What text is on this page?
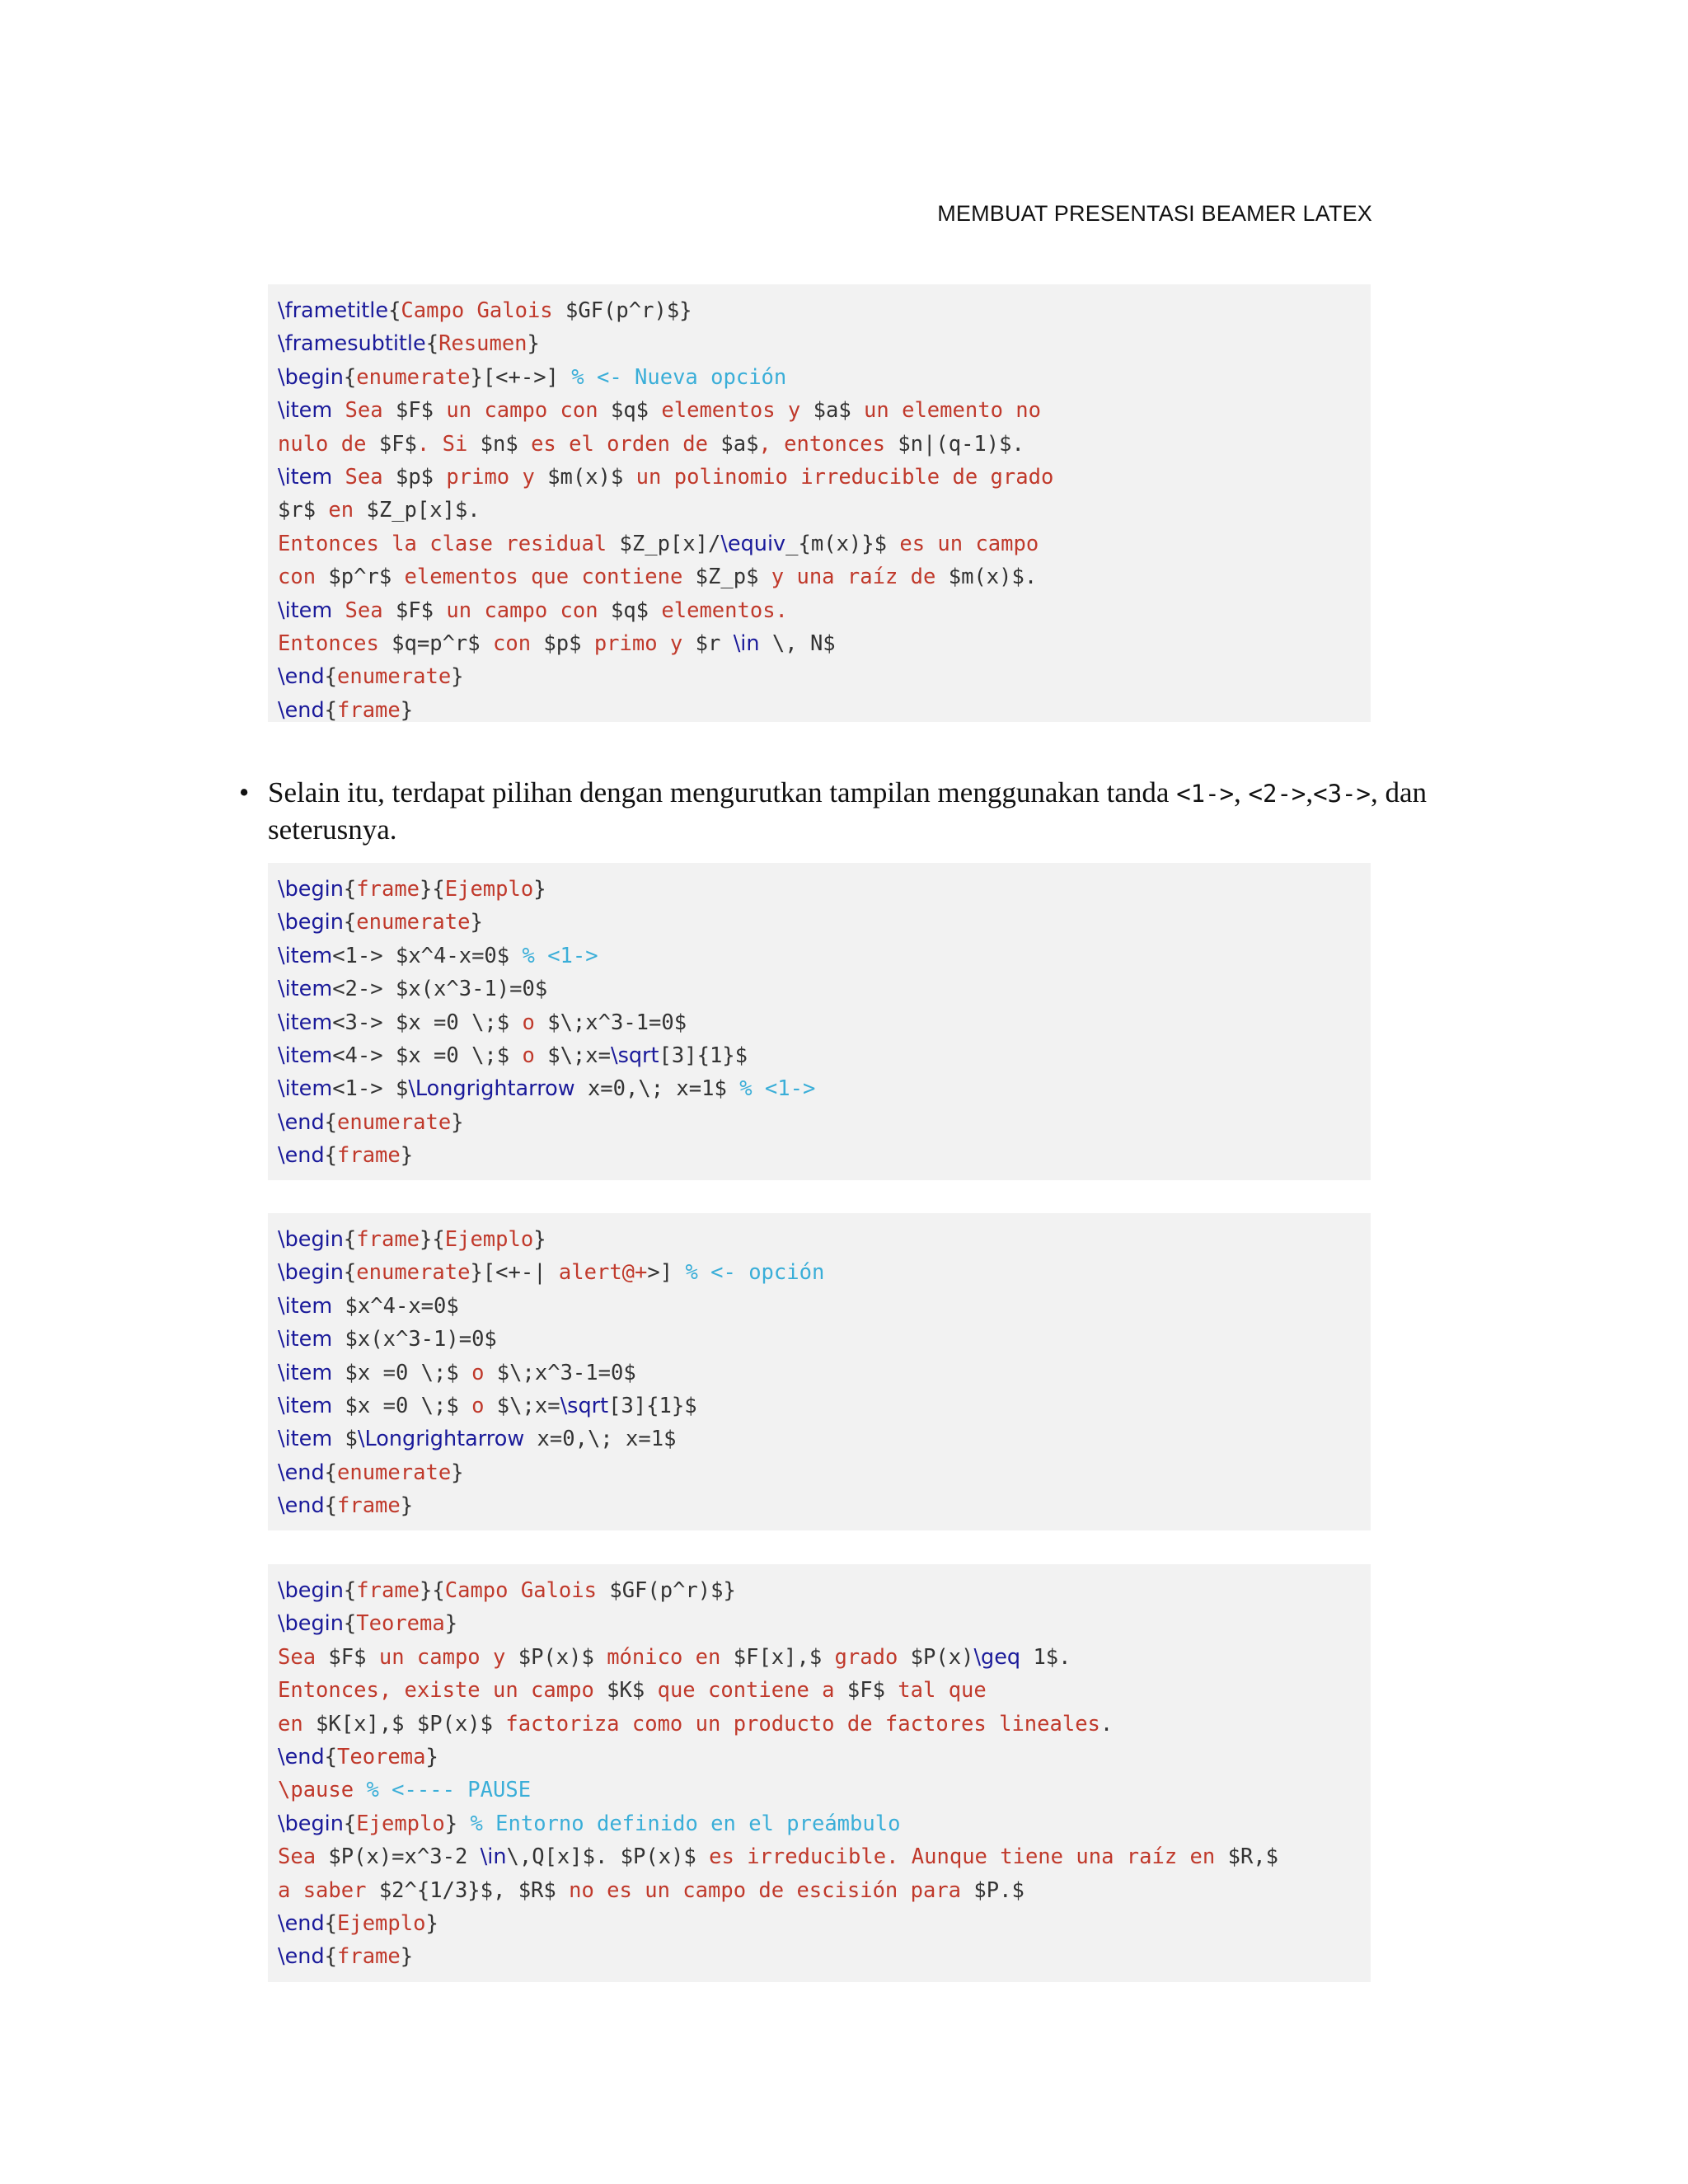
MEMBUAT PRESENTASI BEAMER LATEX
\frametitle{Campo Galois $GF(p^r)$}
\framesubtitle{Resumen}
\begin{enumerate}[<+->] % <- Nueva opción
\item Sea $F$ un campo con $q$ elementos y $a$ un elemento no
nulo de $F$. Si $n$ es el orden de $a$, entonces $n|(q-1)$.
\item Sea $p$ primo y $m(x)$ un polinomio irreducible de grado
$r$ en $Z_p[x]$.
Entonces la clase residual $Z_p[x]/\equiv_{m(x)}$ es un campo
con $p^r$ elementos que contiene $Z_p$ y una raíz de $m(x)$.
\item Sea $F$ un campo con $q$ elementos.
Entonces $q=p^r$ con $p$ primo y $r \in \, N$
\end{enumerate}
\end{frame}
• Selain itu, terdapat pilihan dengan mengurutkan tampilan menggunakan tanda <1->, <2->,<3->, dan seterusnya.
\begin{frame}{Ejemplo}
\begin{enumerate}
\item<1-> $x^4-x=0$ % <1->
\item<2-> $x(x^3-1)=0$
\item<3-> $x =0 \;$ o $\;x^3-1=0$
\item<4-> $x =0 \;$ o $\;x=\sqrt[3]{1}$
\item<1-> $\Longrightarrow x=0,\; x=1$ % <1->
\end{enumerate}
\end{frame}
\begin{frame}{Ejemplo}
\begin{enumerate}[<+-| alert@+>] % <- opción
\item $x^4-x=0$
\item $x(x^3-1)=0$
\item $x =0 \;$ o $\;x^3-1=0$
\item $x =0 \;$ o $\;x=\sqrt[3]{1}$
\item $\Longrightarrow x=0,\; x=1$
\end{enumerate}
\end{frame}
\begin{frame}{Campo Galois $GF(p^r)$}
\begin{Teorema}
Sea $F$ un campo y $P(x)$ mónico en $F[x],$ grado $P(x)\geq 1$.
Entonces, existe un campo $K$ que contiene a $F$ tal que
en $K[x],$ $P(x)$ factoriza como un producto de factores lineales.
\end{Teorema}
\pause % <---- PAUSE
\begin{Ejemplo} % Entorno definido en el preámbulo
Sea $P(x)=x^3-2 \in\,Q[x]$. $P(x)$ es irreducible. Aunque tiene una raíz en $R,$
a saber $2^{1/3}$, $R$ no es un campo de escisión para $P.$
\end{Ejemplo}
\end{frame}
